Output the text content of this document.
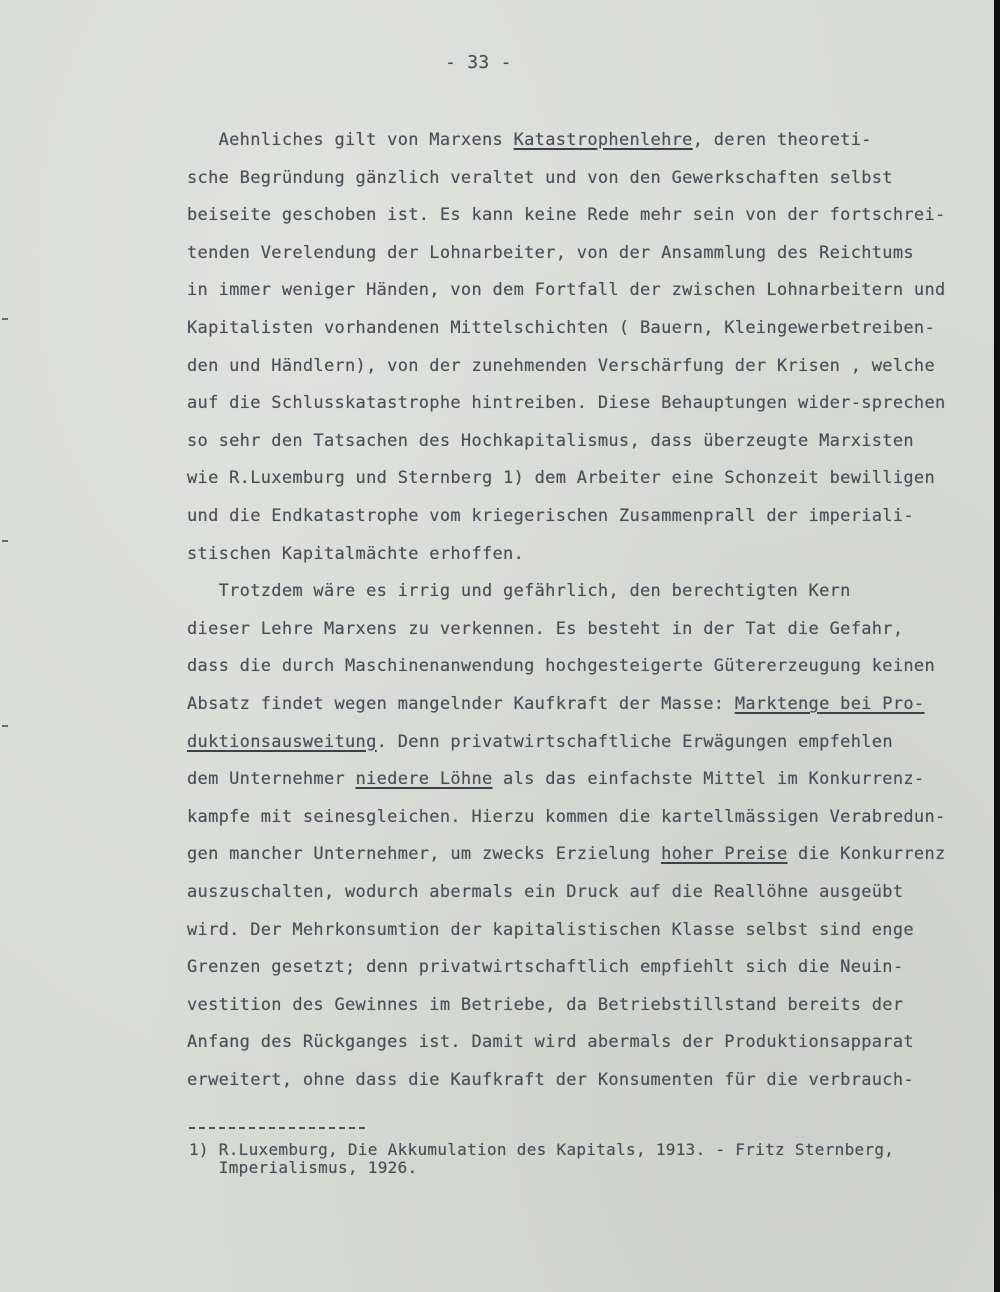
- 33 -
Aehnliches gilt von Marxens Katastrophenlehre, deren theoreti-
sche Begründung gänzlich veraltet und von den Gewerkschaften selbst
beiseite geschoben ist. Es kann keine Rede mehr sein von der fortschrei-
tenden Verelendung der Lohnarbeiter, von der Ansammlung des Reichtums
in immer weniger Händen, von dem Fortfall der zwischen Lohnarbeitern und
Kapitalisten vorhandenen Mittelschichten ( Bauern, Kleingewerbetreiben-
den und Händlern), von der zunehmenden Verschärfung der Krisen , welche
auf die Schlusskatastrophe hintreiben. Diese Behauptungen wider-sprechen
so sehr den Tatsachen des Hochkapitalismus, dass überzeugte Marxisten
wie R.Luxemburg und Sternberg 1) dem Arbeiter eine Schonzeit bewilligen
und die Endkatastrophe vom kriegerischen Zusammenprall der imperiali-
stischen Kapitalmächte erhoffen.
Trotzdem wäre es irrig und gefährlich, den berechtigten Kern
dieser Lehre Marxens zu verkennen. Es besteht in der Tat die Gefahr,
dass die durch Maschinenanwendung hochgesteigerte Gütererzeugung keinen
Absatz findet wegen mangelnder Kaufkraft der Masse: Marktenge bei Pro-
duktionsausweitung. Denn privatwirtschaftliche Erwägungen empfehlen
dem Unternehmer niedere Löhne als das einfachste Mittel im Konkurrenz-
kampfe mit seinesgleichen. Hierzu kommen die kartellmässigen Verabredun-
gen mancher Unternehmer, um zwecks Erzielung hoher Preise die Konkurrenz
auszuschalten, wodurch abermals ein Druck auf die Reallöhne ausgeübt
wird. Der Mehrkonsumtion der kapitalistischen Klasse selbst sind enge
Grenzen gesetzt; denn privatwirtschaftlich empfiehlt sich die Neuin-
vestition des Gewinnes im Betriebe, da Betriebstillstand bereits der
Anfang des Rückganges ist. Damit wird abermals der Produktionsapparat
erweitert, ohne dass die Kaufkraft der Konsumenten für die verbrauch-
1) R.Luxemburg, Die Akkumulation des Kapitals, 1913. - Fritz Sternberg,
Imperialismus, 1926.
